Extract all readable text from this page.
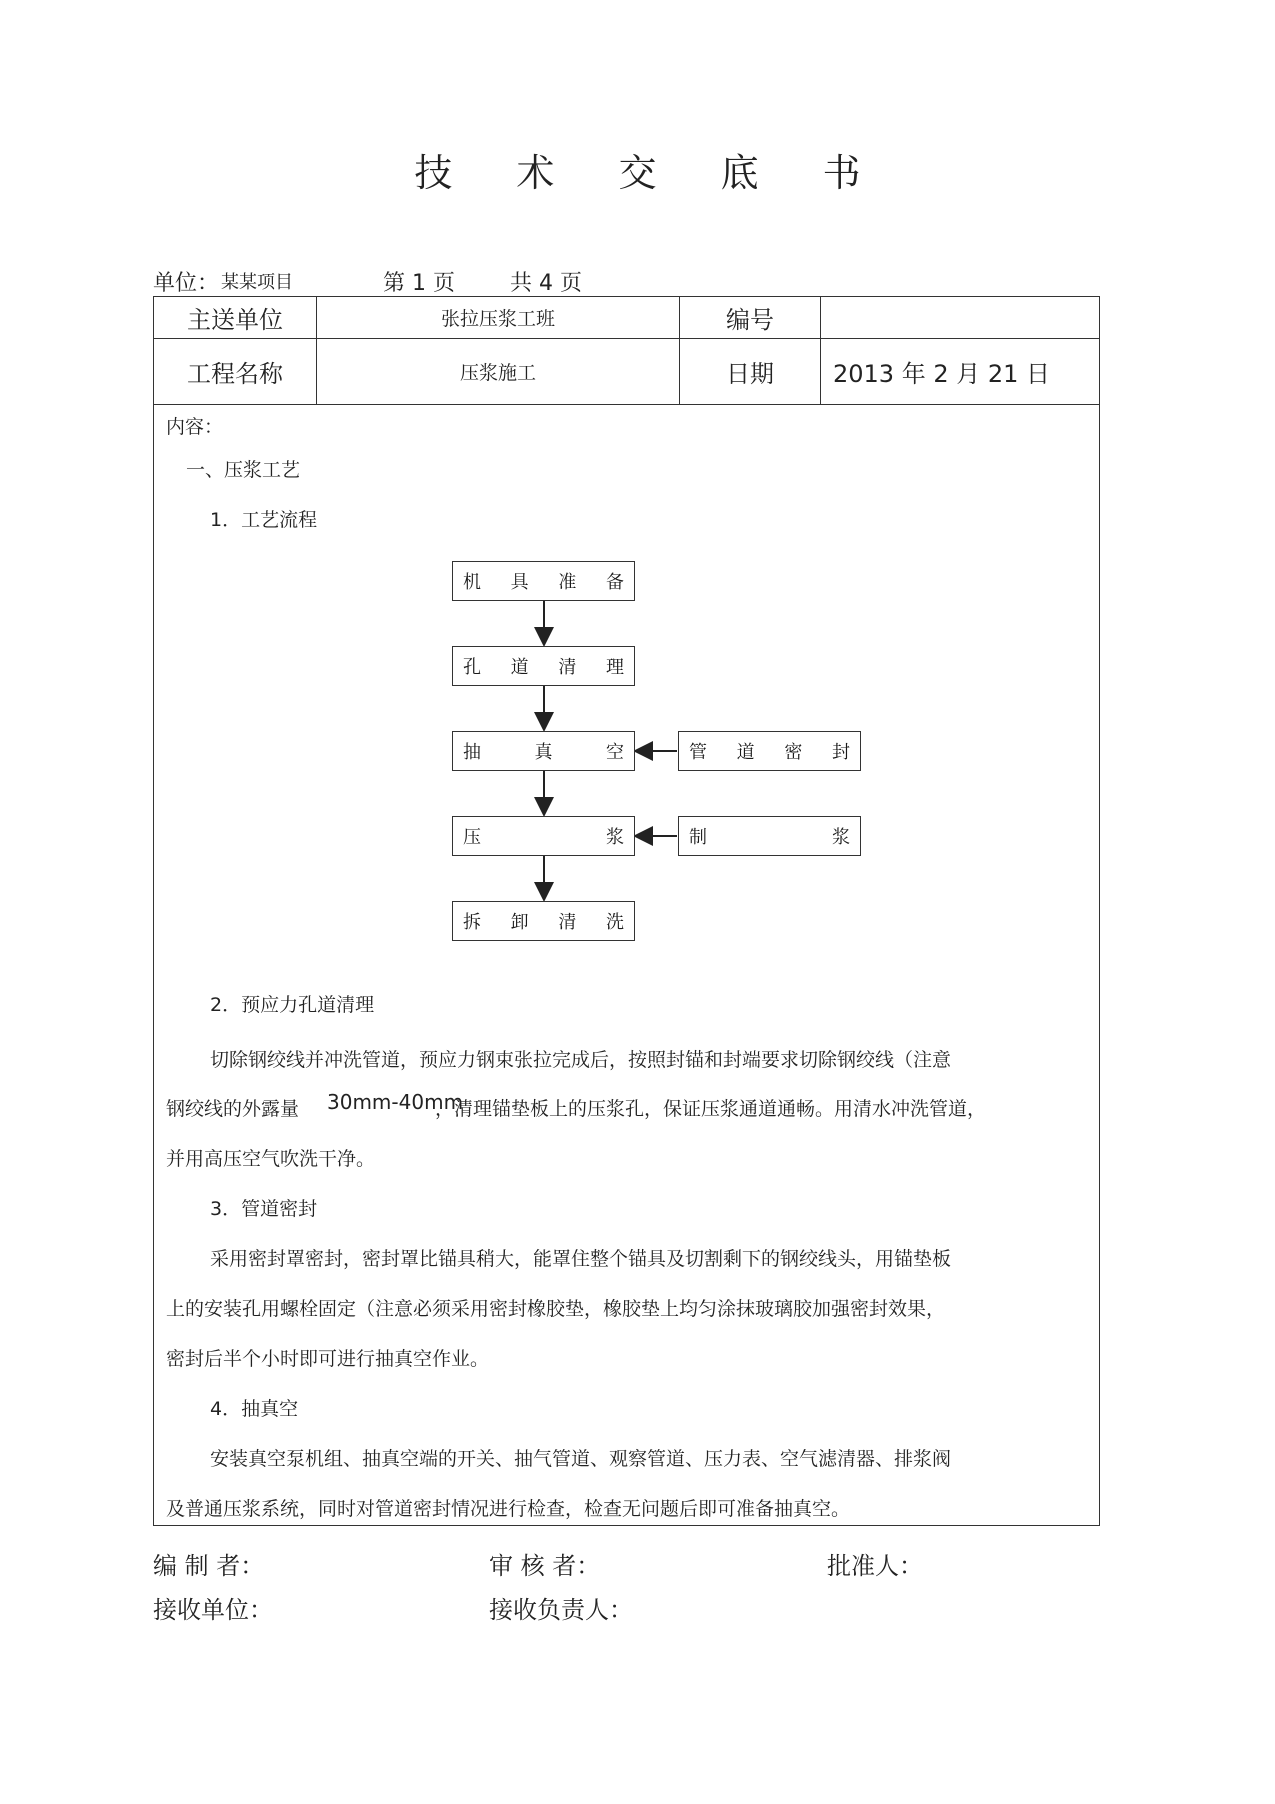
技 术 交 底 书
单位： 某某项目	第 1 页	共 4 页
主送单位	张拉压浆工班	编号	
工程名称	压浆施工	日期	2013 年 2 月 21 日
内容：
一、压浆工艺
1．工艺流程
机 具 准 备
孔 道 清 理
抽	真	空
压	浆
拆 卸 清 洗
管 道 密 封
制	浆
2．预应力孔道清理
切除钢绞线并冲洗管道，预应力钢束张拉完成后，按照封锚和封端要求切除钢绞线（注意
钢绞线的外露量 30mm-40mm
，清理锚垫板上的压浆孔，保证压浆通道通畅。用清水冲洗管道，
并用高压空气吹洗干净。
3．管道密封
采用密封罩密封，密封罩比锚具稍大，能罩住整个锚具及切割剩下的钢绞线头，用锚垫板
上的安装孔用螺栓固定（注意必须采用密封橡胶垫，橡胶垫上均匀涂抹玻璃胶加强密封效果，
密封后半个小时即可进行抽真空作业。
4．抽真空
安装真空泵机组、抽真空端的开关、抽气管道、观察管道、压力表、空气滤清器、排浆阀
及普通压浆系统，同时对管道密封情况进行检查，检查无问题后即可准备抽真空。
编 制 者：	审 核 者：	批准人：
接收单位：	接收负责人：
